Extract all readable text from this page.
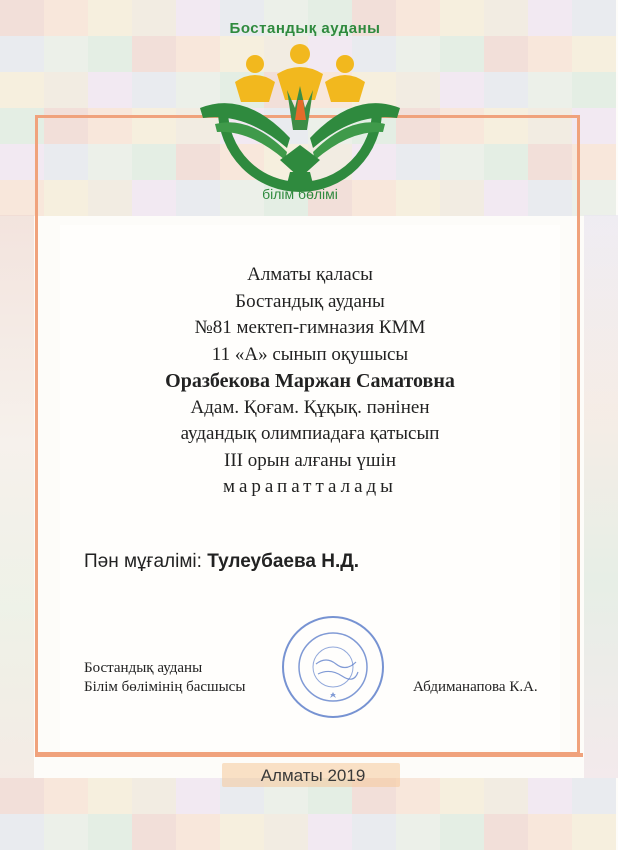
Бостандық ауданы
білім бөлімі
Алматы қаласы
Бостандық ауданы
№81 мектеп-гимназия КММ
11 «А» сынып оқушысы
Оразбекова Маржан Саматовна
Адам. Қоғам. Құқық. пәнінен
аудандық олимпиадаға қатысып
ІІІ орын алғаны үшін
марапатталады
Пән мұғалімі: Тулеубаева Н.Д.
Бостандық ауданы
Білім бөлімінің басшысы	Абдиманапова К.А.
Алматы 2019
